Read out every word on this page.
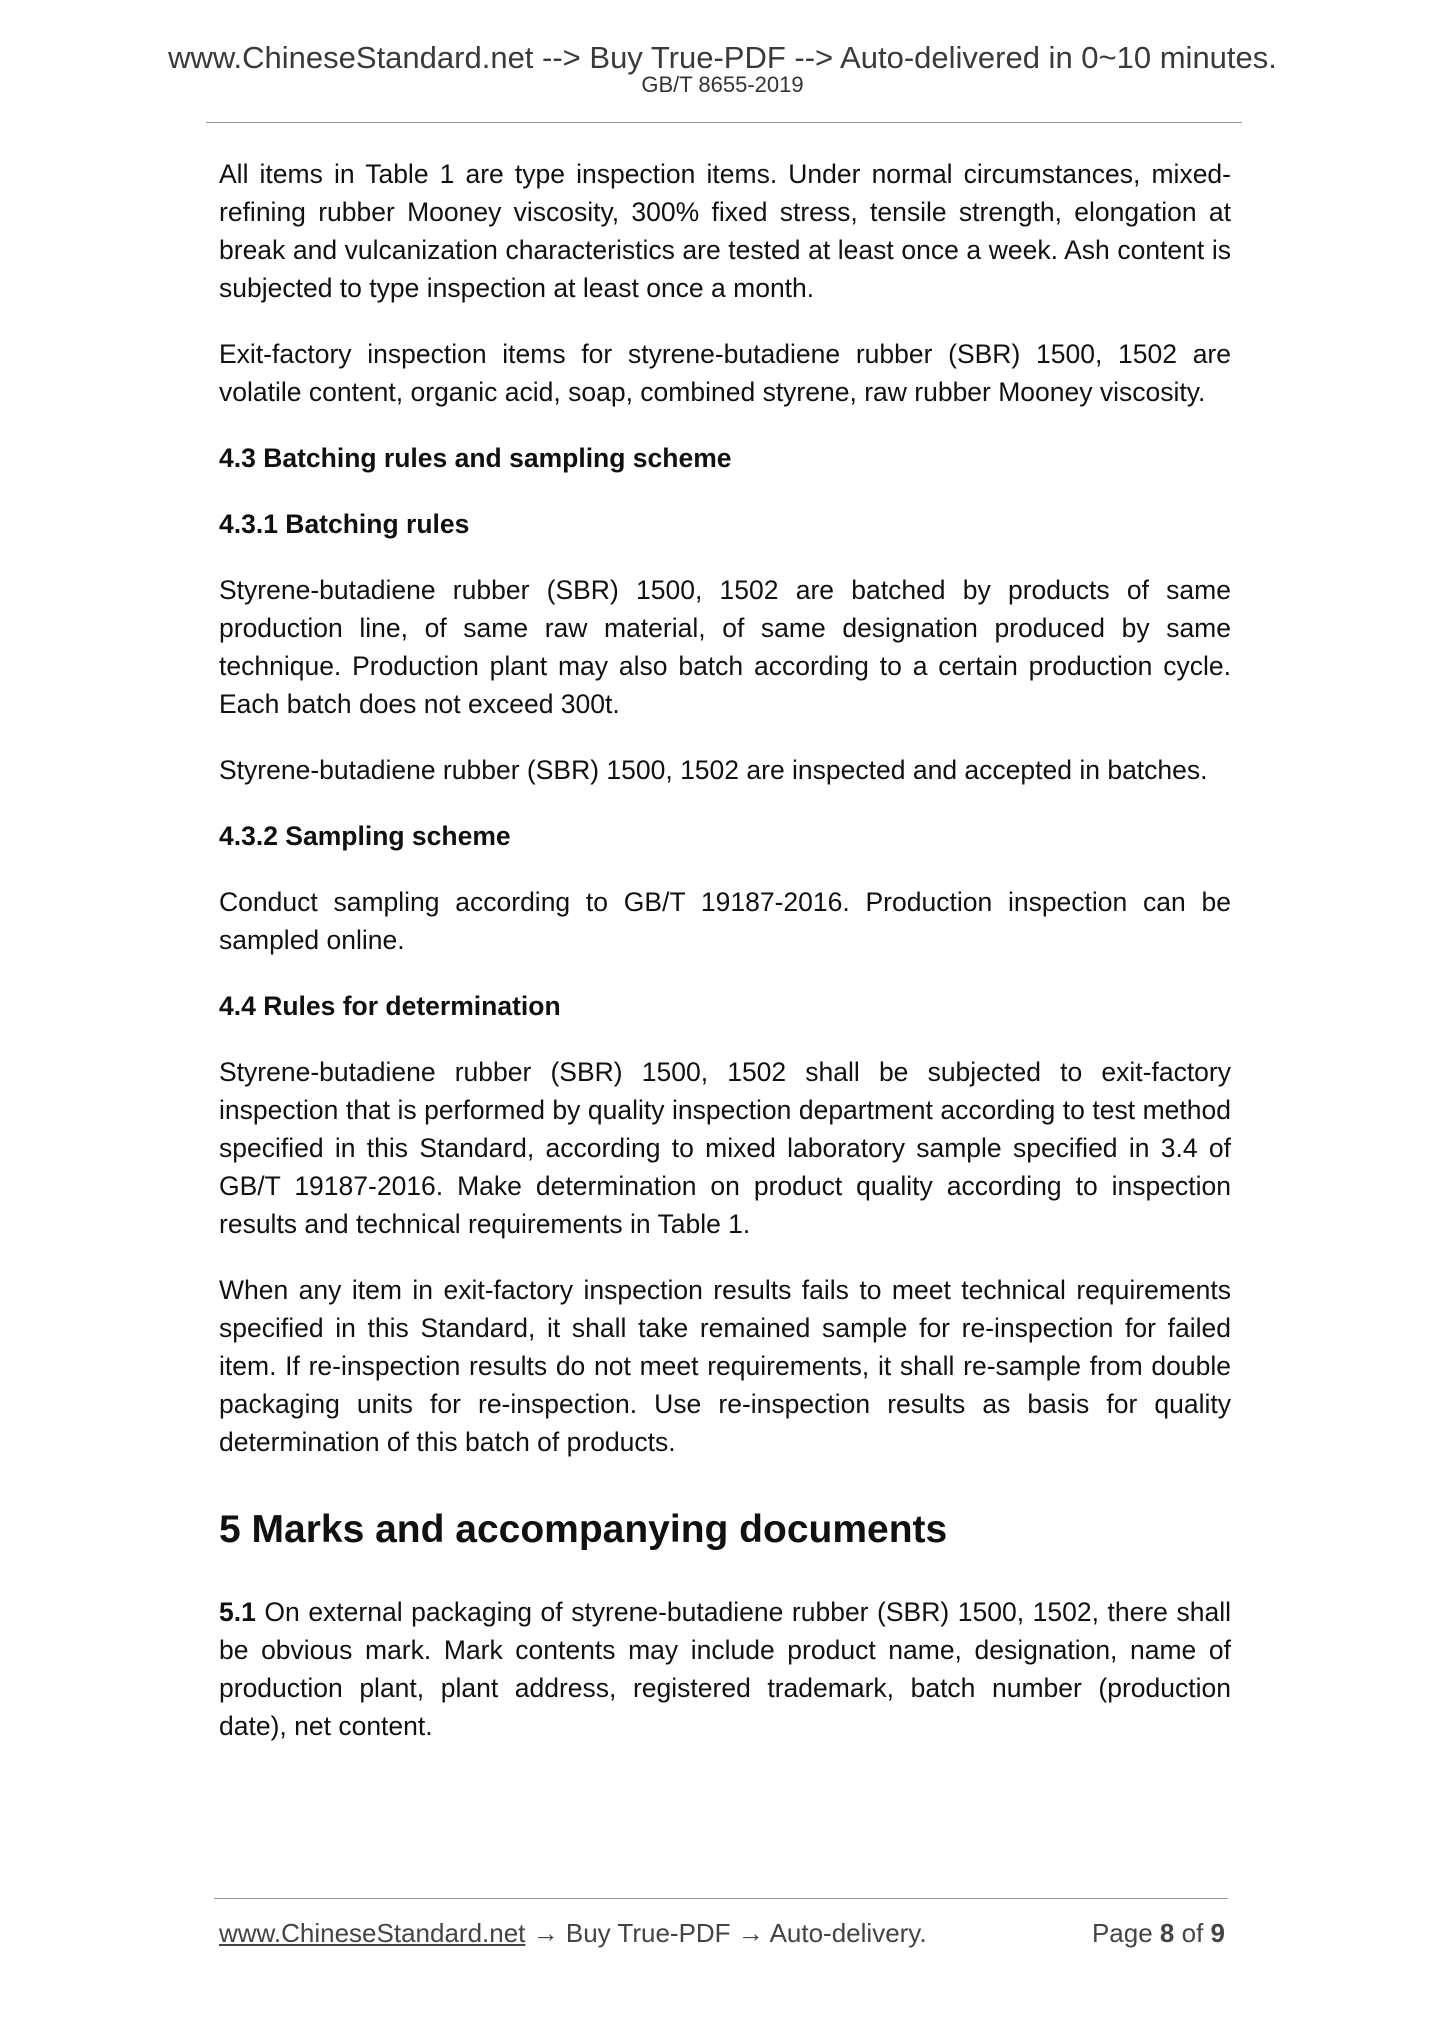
www.ChineseStandard.net --> Buy True-PDF --> Auto-delivered in 0~10 minutes.
GB/T 8655-2019

All items in Table 1 are type inspection items. Under normal circumstances, mixed-refining rubber Mooney viscosity, 300% fixed stress, tensile strength, elongation at break and vulcanization characteristics are tested at least once a week. Ash content is subjected to type inspection at least once a month.

Exit-factory inspection items for styrene-butadiene rubber (SBR) 1500, 1502 are volatile content, organic acid, soap, combined styrene, raw rubber Mooney viscosity.

4.3 Batching rules and sampling scheme
4.3.1 Batching rules

Styrene-butadiene rubber (SBR) 1500, 1502 are batched by products of same production line, of same raw material, of same designation produced by same technique. Production plant may also batch according to a certain production cycle. Each batch does not exceed 300t.

Styrene-butadiene rubber (SBR) 1500, 1502 are inspected and accepted in batches.

4.3.2 Sampling scheme

Conduct sampling according to GB/T 19187-2016. Production inspection can be sampled online.

4.4 Rules for determination

Styrene-butadiene rubber (SBR) 1500, 1502 shall be subjected to exit-factory inspection that is performed by quality inspection department according to test method specified in this Standard, according to mixed laboratory sample specified in 3.4 of GB/T 19187-2016. Make determination on product quality according to inspection results and technical requirements in Table 1.

When any item in exit-factory inspection results fails to meet technical requirements specified in this Standard, it shall take remained sample for re-inspection for failed item. If re-inspection results do not meet requirements, it shall re-sample from double packaging units for re-inspection. Use re-inspection results as basis for quality determination of this batch of products.

5 Marks and accompanying documents

5.1 On external packaging of styrene-butadiene rubber (SBR) 1500, 1502, there shall be obvious mark. Mark contents may include product name, designation, name of production plant, plant address, registered trademark, batch number (production date), net content.

www.ChineseStandard.net → Buy True-PDF → Auto-delivery.	Page 8 of 9
